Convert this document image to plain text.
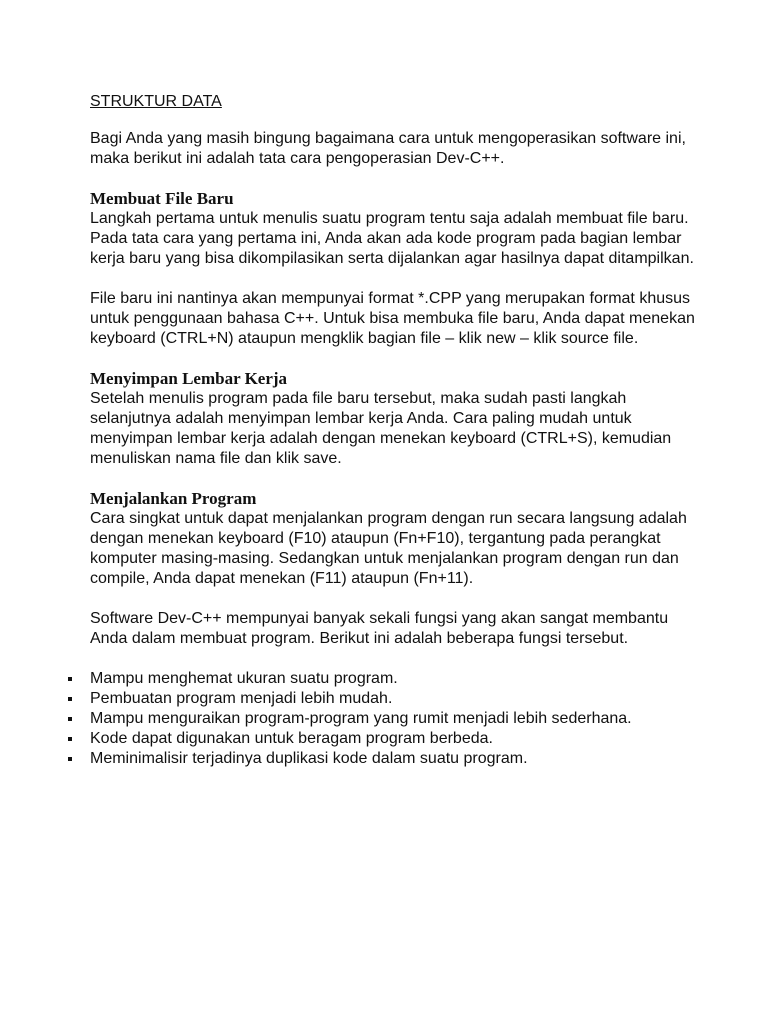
STRUKTUR DATA

Bagi Anda yang masih bingung bagaimana cara untuk mengoperasikan software ini, maka berikut ini adalah tata cara pengoperasian Dev-C++.

Membuat File Baru

Langkah pertama untuk menulis suatu program tentu saja adalah membuat file baru. Pada tata cara yang pertama ini, Anda akan ada kode program pada bagian lembar kerja baru yang bisa dikompilasikan serta dijalankan agar hasilnya dapat ditampilkan.

File baru ini nantinya akan mempunyai format *.CPP yang merupakan format khusus untuk penggunaan bahasa C++. Untuk bisa membuka file baru, Anda dapat menekan keyboard (CTRL+N) ataupun mengklik bagian file – klik new – klik source file.

Menyimpan Lembar Kerja

Setelah menulis program pada file baru tersebut, maka sudah pasti langkah selanjutnya adalah menyimpan lembar kerja Anda. Cara paling mudah untuk menyimpan lembar kerja adalah dengan menekan keyboard (CTRL+S), kemudian menuliskan nama file dan klik save.

Menjalankan Program

Cara singkat untuk dapat menjalankan program dengan run secara langsung adalah dengan menekan keyboard (F10) ataupun (Fn+F10), tergantung pada perangkat komputer masing-masing. Sedangkan untuk menjalankan program dengan run dan compile, Anda dapat menekan (F11) ataupun (Fn+11).

Software Dev-C++ mempunyai banyak sekali fungsi yang akan sangat membantu Anda dalam membuat program. Berikut ini adalah beberapa fungsi tersebut.

Mampu menghemat ukuran suatu program.
Pembuatan program menjadi lebih mudah.
Mampu menguraikan program-program yang rumit menjadi lebih sederhana.
Kode dapat digunakan untuk beragam program berbeda.
Meminimalisir terjadinya duplikasi kode dalam suatu program.
